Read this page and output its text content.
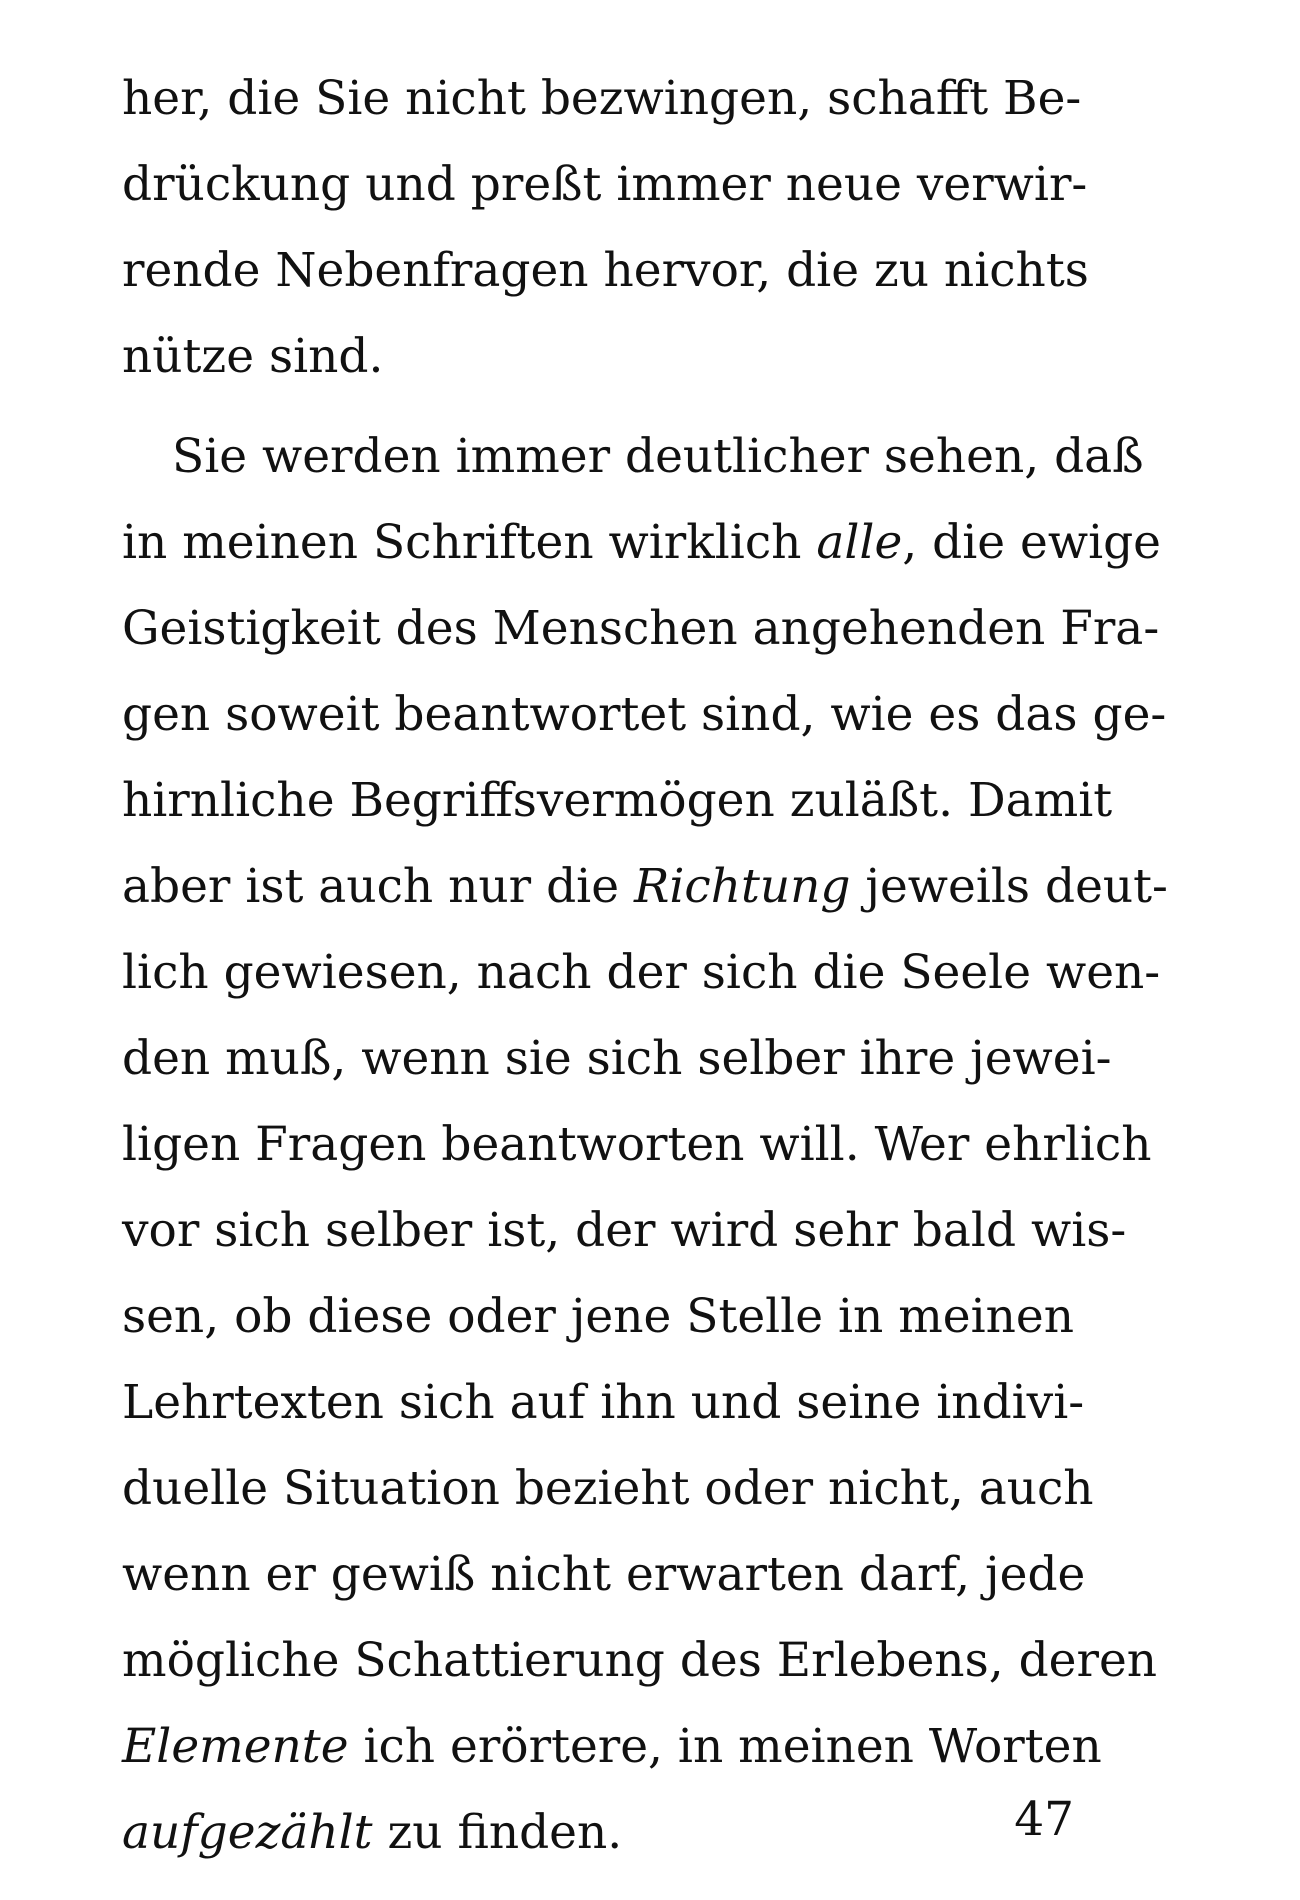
her, die Sie nicht bezwingen, schafft Be-
drückung und preßt immer neue verwir-
rende Nebenfragen hervor, die zu nichts
nütze sind.
Sie werden immer deutlicher sehen, daß
in meinen Schriften wirklich alle, die ewige
Geistigkeit des Menschen angehenden Fra-
gen soweit beantwortet sind, wie es das ge-
hirnliche Begriffsvermögen zuläßt. Damit
aber ist auch nur die Richtung jeweils deut-
lich gewiesen, nach der sich die Seele wen-
den muß, wenn sie sich selber ihre jewei-
ligen Fragen beantworten will. Wer ehrlich
vor sich selber ist, der wird sehr bald wis-
sen, ob diese oder jene Stelle in meinen
Lehrtexten sich auf ihn und seine indivi-
duelle Situation bezieht oder nicht, auch
wenn er gewiß nicht erwarten darf, jede
mögliche Schattierung des Erlebens, deren
Elemente ich erörtere, in meinen Worten
aufgezählt zu finden.	47
